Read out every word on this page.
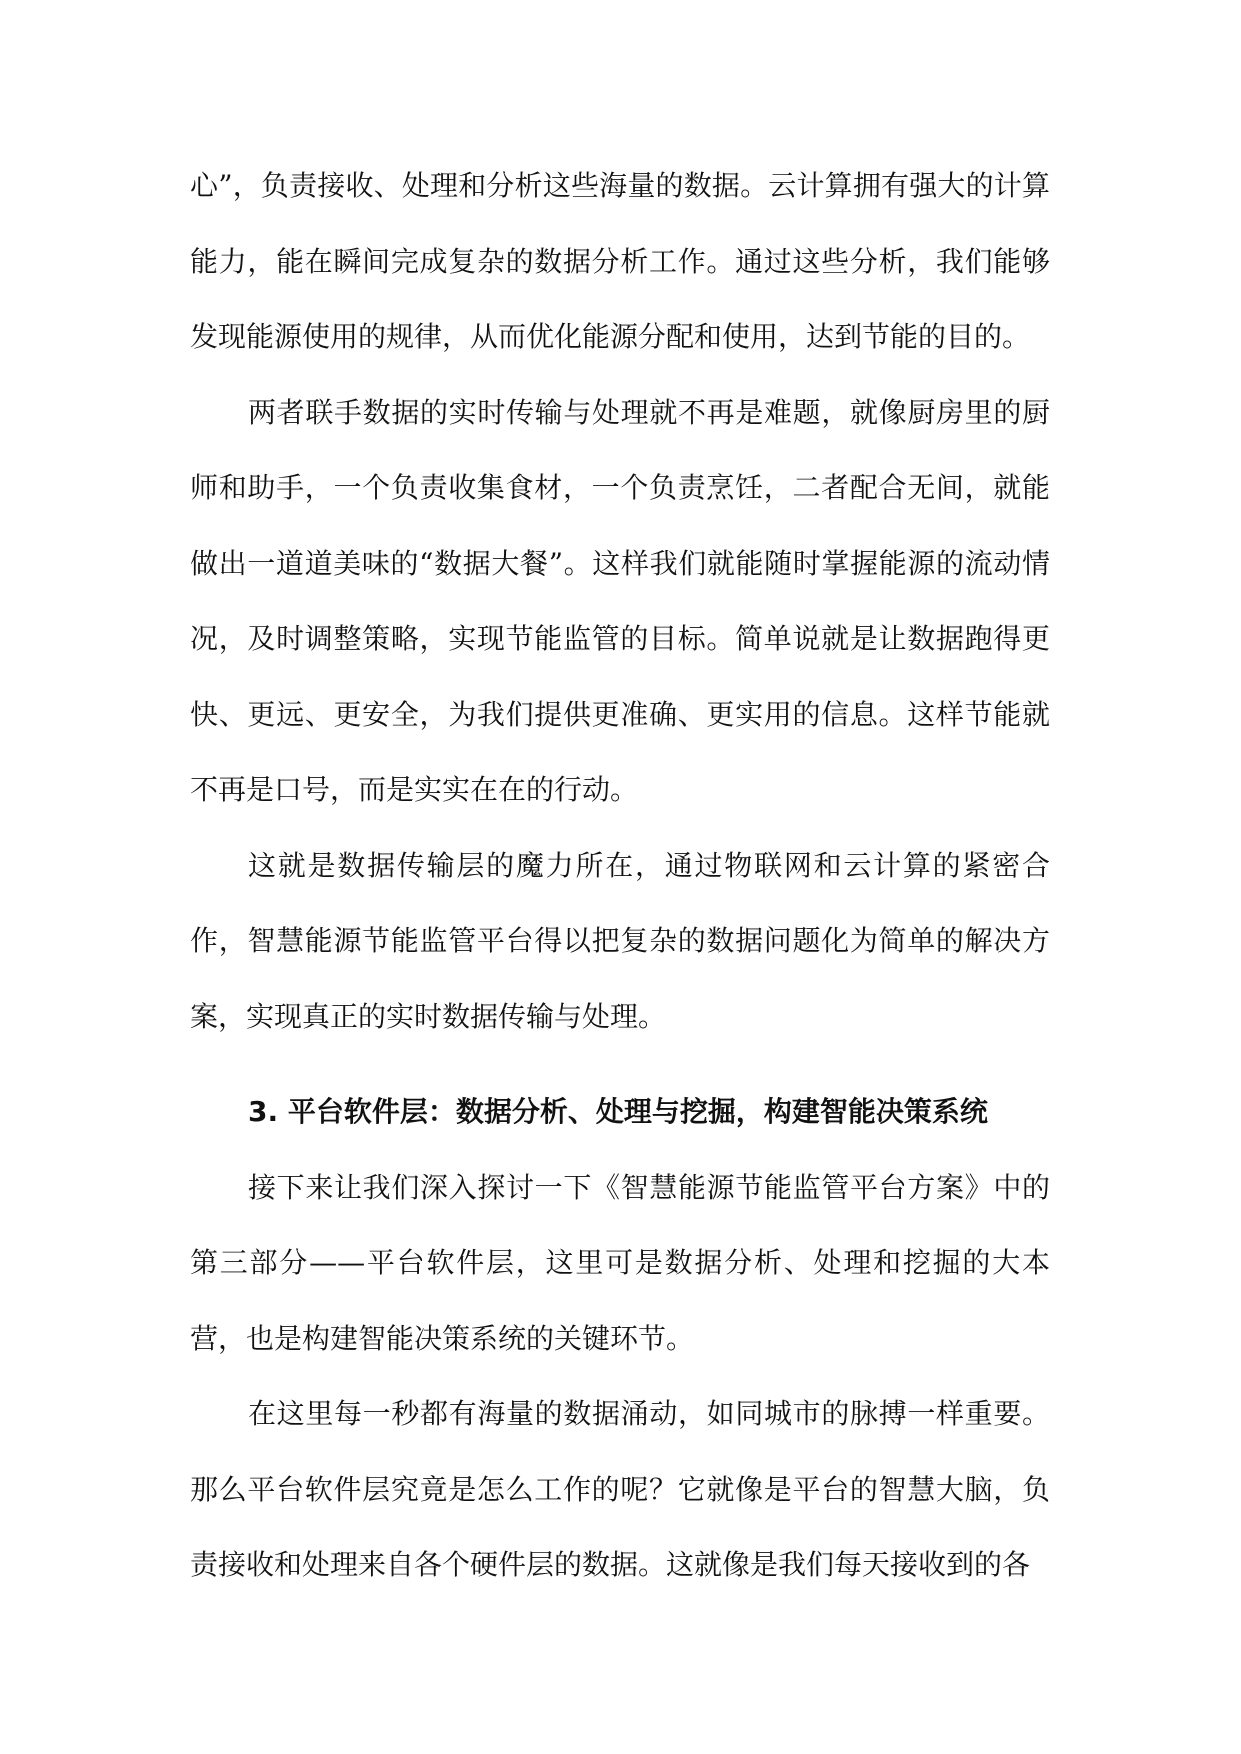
心”，负责接收、处理和分析这些海量的数据。云计算拥有强大的计算能力，能在瞬间完成复杂的数据分析工作。通过这些分析，我们能够发现能源使用的规律，从而优化能源分配和使用，达到节能的目的。

两者联手数据的实时传输与处理就不再是难题，就像厨房里的厨师和助手，一个负责收集食材，一个负责烹饪，二者配合无间，就能做出一道道美味的“数据大餐”。这样我们就能随时掌握能源的流动情况，及时调整策略，实现节能监管的目标。简单说就是让数据跑得更快、更远、更安全，为我们提供更准确、更实用的信息。这样节能就不再是口号，而是实实在在的行动。

这就是数据传输层的魔力所在，通过物联网和云计算的紧密合作，智慧能源节能监管平台得以把复杂的数据问题化为简单的解决方案，实现真正的实时数据传输与处理。

3. 平台软件层：数据分析、处理与挖掘，构建智能决策系统

接下来让我们深入探讨一下《智慧能源节能监管平台方案》中的第三部分——平台软件层，这里可是数据分析、处理和挖掘的大本营，也是构建智能决策系统的关键环节。

在这里每一秒都有海量的数据涌动，如同城市的脉搏一样重要。那么平台软件层究竟是怎么工作的呢？它就像是平台的智慧大脑，负责接收和处理来自各个硬件层的数据。这就像是我们每天接收到的各
